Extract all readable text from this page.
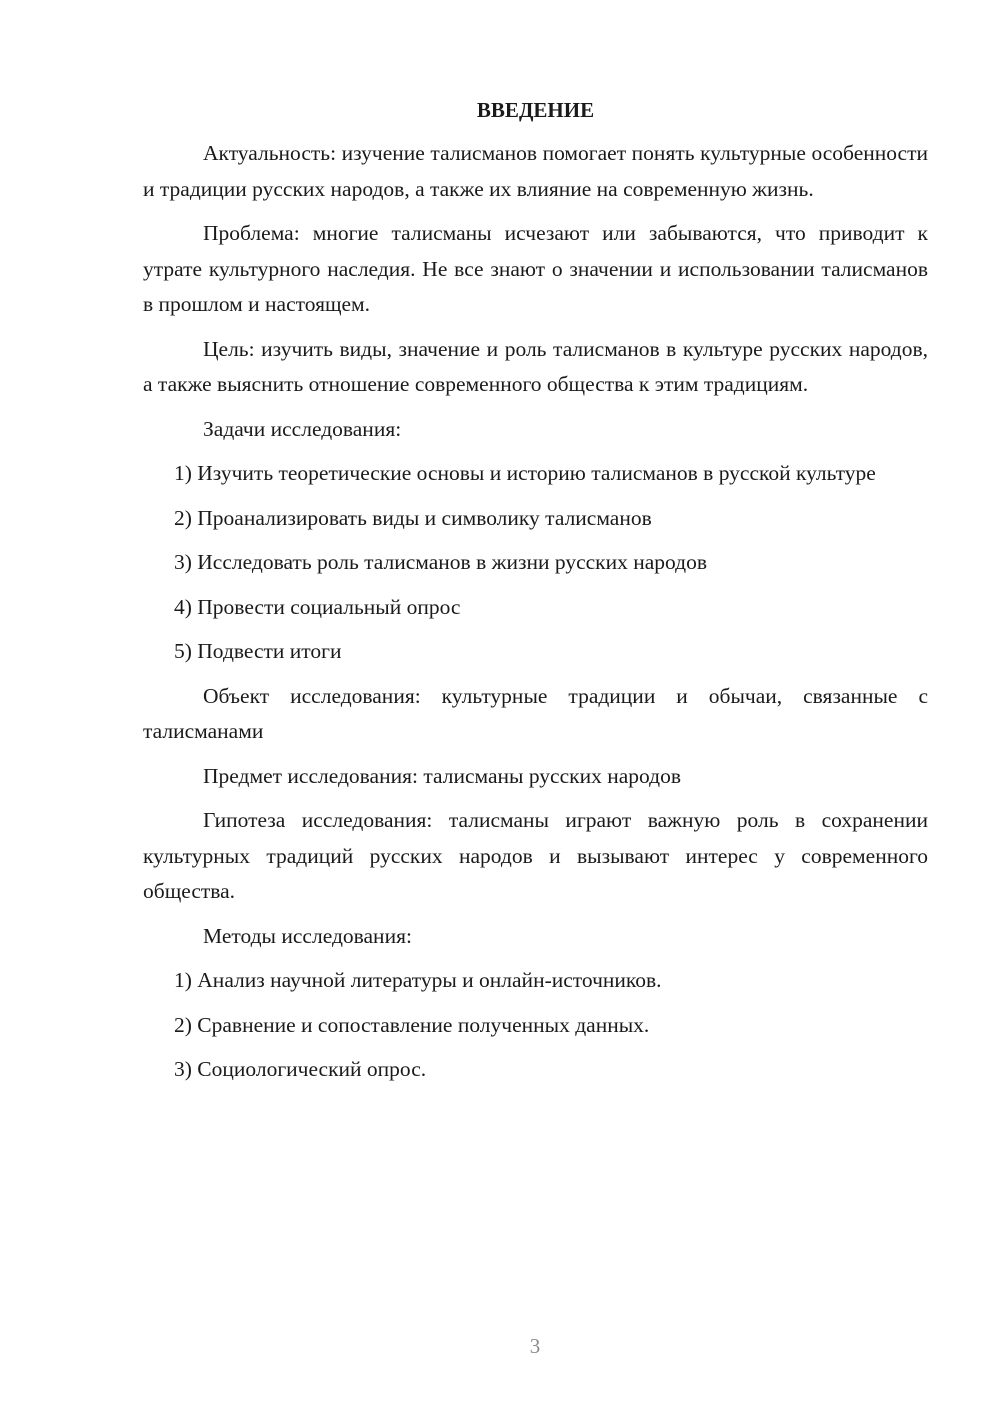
ВВЕДЕНИЕ

Актуальность: изучение талисманов помогает понять культурные особенности и традиции русских народов, а также их влияние на современную жизнь.

Проблема: многие талисманы исчезают или забываются, что приводит к утрате культурного наследия. Не все знают о значении и использовании талисманов в прошлом и настоящем.

Цель: изучить виды, значение и роль талисманов в культуре русских народов, а также выяснить отношение современного общества к этим традициям.

Задачи исследования:

1) Изучить теоретические основы и историю талисманов в русской культуре

2) Проанализировать виды и символику талисманов

3) Исследовать роль талисманов в жизни русских народов

4) Провести социальный опрос

5) Подвести итоги

Объект исследования: культурные традиции и обычаи, связанные с талисманами

Предмет исследования: талисманы русских народов

Гипотеза исследования: талисманы играют важную роль в сохранении культурных традиций русских народов и вызывают интерес у современного общества.

Методы исследования:

1) Анализ научной литературы и онлайн-источников.

2) Сравнение и сопоставление полученных данных.

3) Социологический опрос.

3
